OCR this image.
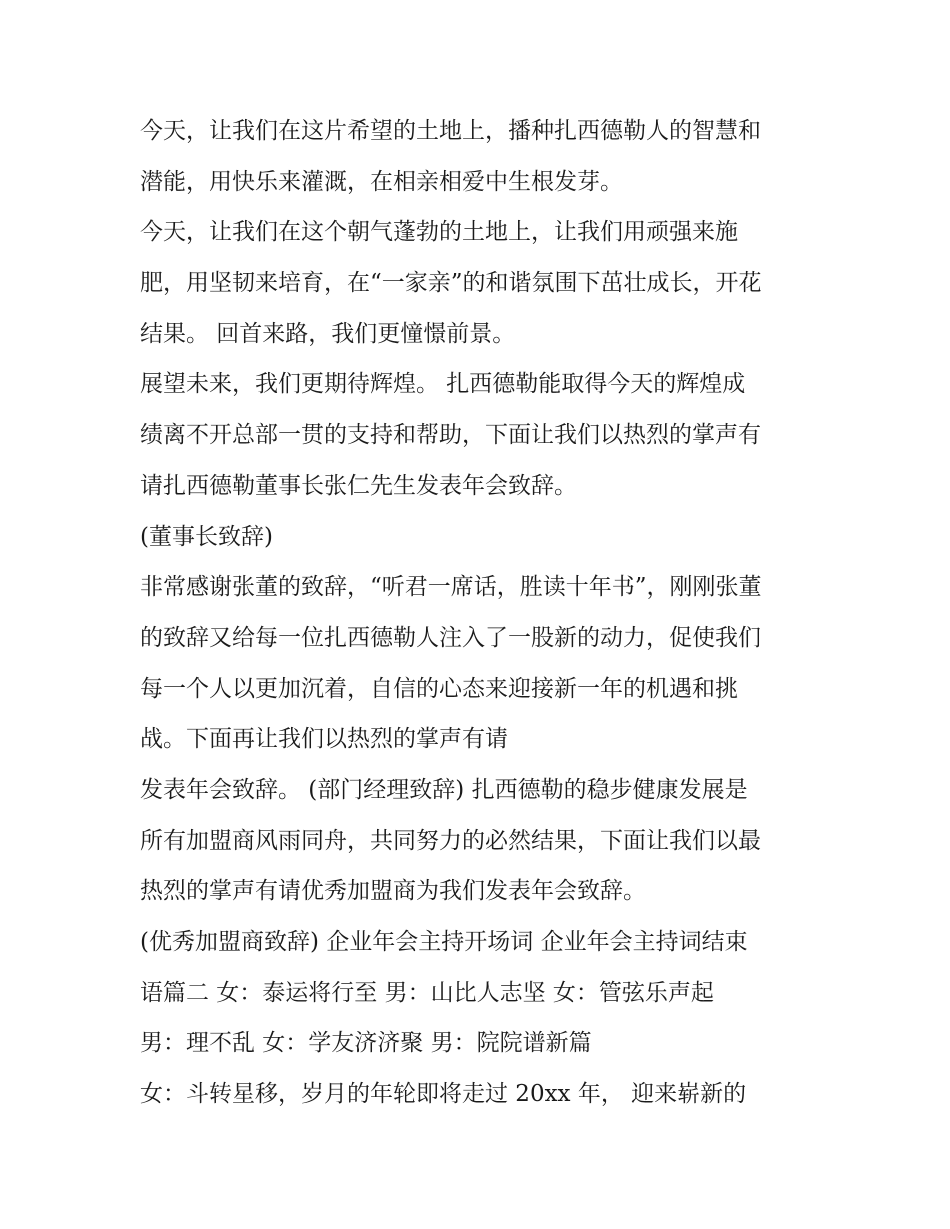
今天，让我们在这片希望的土地上，播种扎西德勒人的智慧和
潜能，用快乐来灌溉，在相亲相爱中生根发芽。
今天，让我们在这个朝气蓬勃的土地上，让我们用顽强来施
肥，用坚韧来培育，在“一家亲”的和谐氛围下茁壮成长，开花
结果。 回首来路，我们更憧憬前景。
展望未来，我们更期待辉煌。 扎西德勒能取得今天的辉煌成
绩离不开总部一贯的支持和帮助，下面让我们以热烈的掌声有
请扎西德勒董事长张仁先生发表年会致辞。
(董事长致辞)
非常感谢张董的致辞，“听君一席话，胜读十年书”，刚刚张董
的致辞又给每一位扎西德勒人注入了一股新的动力，促使我们
每一个人以更加沉着，自信的心态来迎接新一年的机遇和挑
战。下面再让我们以热烈的掌声有请
发表年会致辞。 (部门经理致辞) 扎西德勒的稳步健康发展是
所有加盟商风雨同舟，共同努力的必然结果，下面让我们以最
热烈的掌声有请优秀加盟商为我们发表年会致辞。
(优秀加盟商致辞) 企业年会主持开场词 企业年会主持词结束
语篇二 女：泰运将行至 男：山比人志坚 女：管弦乐声起
男：理不乱 女：学友济济聚 男：院院谱新篇
女：斗转星移，岁月的年轮即将走过 20xx 年， 迎来崭新的
